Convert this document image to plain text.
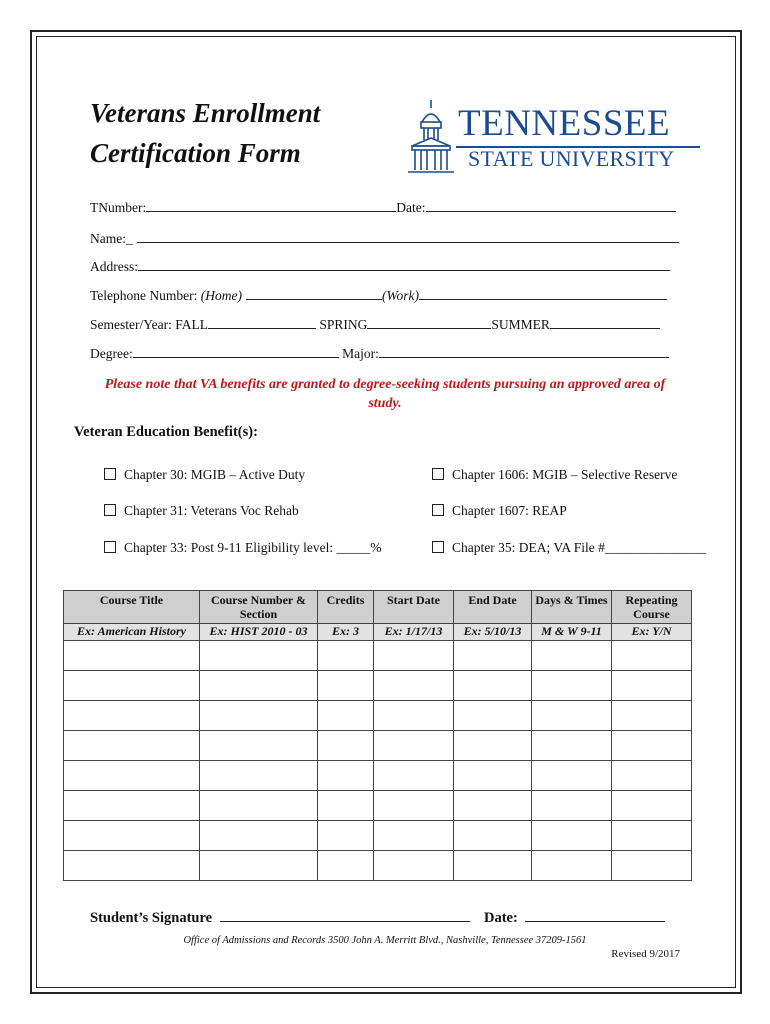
Veterans Enrollment
Certification Form
TENNESSEE
STATE UNIVERSITY
TNumber:	Date:
Name:_
Address:
Telephone Number: (Home)	(Work)
Semester/Year: FALL	SPRING	SUMMER
Degree:	Major:
Please note that VA benefits are granted to degree-seeking students pursuing an approved area of study.
Veteran Education Benefit(s):
Chapter 30: MGIB – Active Duty	Chapter 1606: MGIB – Selective Reserve
Chapter 31: Veterans Voc Rehab	Chapter 1607: REAP
Chapter 33: Post 9-11 Eligibility level: _____%	Chapter 35: DEA; VA File #_______________
Course Title	Course Number & Section	Credits	Start Date	End Date	Days & Times	Repeating Course
Ex: American History	Ex: HIST 2010 - 03	Ex: 3	Ex: 1/17/13	Ex: 5/10/13	M & W 9-11	Ex: Y/N

Student’s Signature	Date:
Office of Admissions and Records 3500 John A. Merritt Blvd., Nashville, Tennessee 37209-1561
Revised 9/2017
